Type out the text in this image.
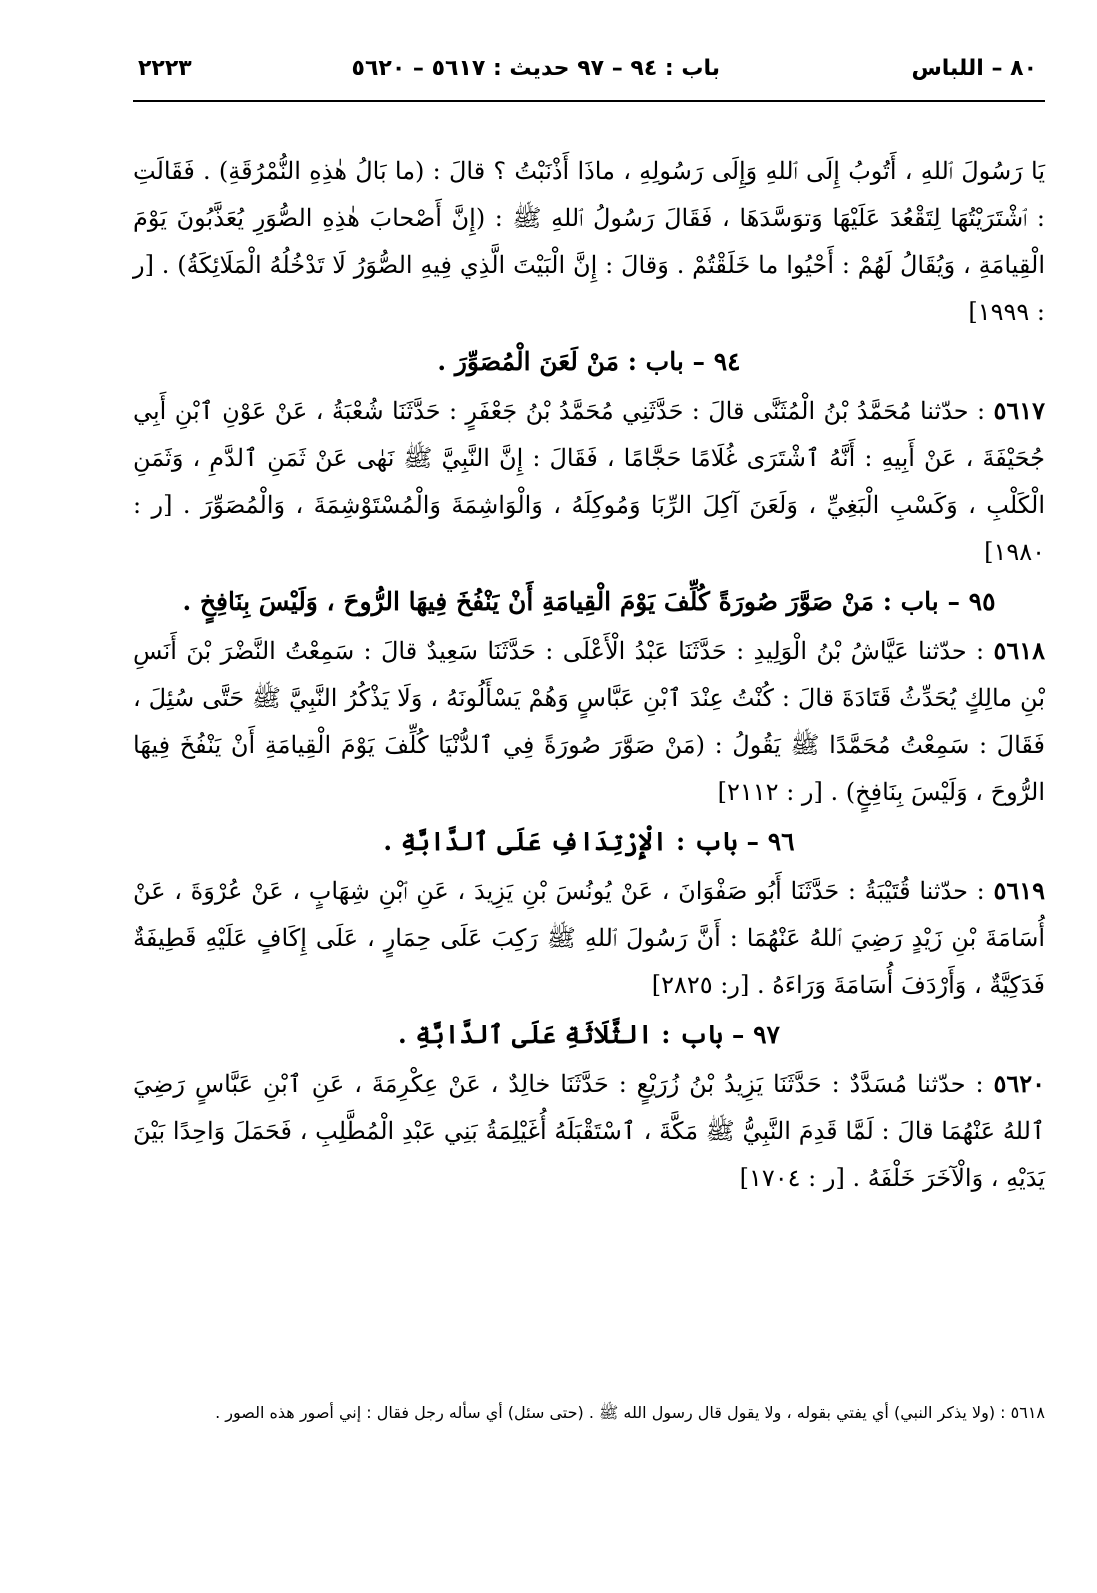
٨٠ – اللباس
باب : ٩٤ – ٩٧ حديث : ٥٦١٧ – ٥٦٢٠
٢٢٢٣

يَا رَسُولَ ٱللهِ ، أَتُوبُ إِلَى ٱللهِ وَإِلَى رَسُولِهِ ، ماذَا أَذْنَبْتُ ؟ قالَ : (ما بَالُ هٰذِهِ النُّمْرُقَةِ) . فَقَالَتِ : ٱشْتَرَيْتُهَا لِتَقْعُدَ عَلَيْهَا وَتوَسَّدَهَا ، فَقَالَ رَسُولُ ٱللهِ ﷺ : (إِنَّ أَصْحابَ هٰذِهِ الصُّوَرِ يُعَذَّبُونَ يَوْمَ الْقِيامَةِ ، وَيُقَالُ لَهُمْ : أَحْيُوا ما خَلَقْتُمْ . وَقالَ : إِنَّ الْبَيْتَ الَّذِي فِيهِ الصُّوَرُ لَا تَدْخُلُهُ الْمَلَائِكَةُ) . [ر : ١٩٩٩]

٩٤ – باب : مَنْ لَعَنَ الْمُصَوِّرَ .

٥٦١٧ : حدّثنا مُحَمَّدُ بْنُ الْمُثَنَّى قالَ : حَدَّثَنِي مُحَمَّدُ بْنُ جَعْفَرٍ : حَدَّثَنَا شُعْبَةُ ، عَنْ عَوْنِ ٱبْنِ أَبِي جُحَيْفَةَ ، عَنْ أَبِيهِ : أَنَّهُ ٱشْتَرَى غُلَامًا حَجَّامًا ، فَقَالَ : إِنَّ النَّبِيَّ ﷺ نَهٰى عَنْ ثَمَنِ ٱلدَّمِ ، وَثَمَنِ الْكَلْبِ ، وَكَسْبِ الْبَغِيِّ ، وَلَعَنَ آكِلَ الرِّبَا وَمُوكِلَهُ ، وَالْوَاشِمَةَ وَالْمُسْتَوْشِمَةَ ، وَالْمُصَوِّرَ . [ر : ١٩٨٠]

٩٥ – باب : مَنْ صَوَّرَ صُورَةً كُلِّفَ يَوْمَ الْقِيامَةِ أَنْ يَنْفُخَ فِيهَا الرُّوحَ ، وَلَيْسَ بِنَافِخٍ .

٥٦١٨ : حدّثنا عَيَّاشُ بْنُ الْوَلِيدِ : حَدَّثَنَا عَبْدُ الْأَعْلَى : حَدَّثَنَا سَعِيدٌ قالَ : سَمِعْتُ النَّضْرَ بْنَ أَنَسِ بْنِ مالِكٍ يُحَدِّثُ قَتَادَةَ قالَ : كُنْتُ عِنْدَ ٱبْنِ عَبَّاسٍ وَهُمْ يَسْأَلُونَهُ ، وَلَا يَذْكُرُ النَّبِيَّ ﷺ حَتَّى سُئِلَ ، فَقَالَ : سَمِعْتُ مُحَمَّدًا ﷺ يَقُولُ : (مَنْ صَوَّرَ صُورَةً فِي ٱلدُّنْيَا كُلِّفَ يَوْمَ الْقِيامَةِ أَنْ يَنْفُخَ فِيهَا الرُّوحَ ، وَلَيْسَ بِنَافِخٍ) . [ر : ٢١١٢]

٩٦ – باب : الْإِرْتِدَافِ عَلَى ٱلدَّابَّةِ .

٥٦١٩ : حدّثنا قُتَيْبَةُ : حَدَّثَنَا أَبُو صَفْوَانَ ، عَنْ يُونُسَ بْنِ يَزِيدَ ، عَنِ ٱبْنِ شِهَابٍ ، عَنْ عُرْوَةَ ، عَنْ أُسَامَةَ بْنِ زَيْدٍ رَضِيَ ٱللهُ عَنْهُمَا : أَنَّ رَسُولَ ٱللهِ ﷺ رَكِبَ عَلَى حِمَارٍ ، عَلَى إِكَافٍ عَلَيْهِ قَطِيفَةٌ فَدَكِيَّةٌ ، وَأَرْدَفَ أُسَامَةَ وَرَاءَهُ . [ر: ٢٨٢٥]

٩٧ – باب : الثَّلَاثَةِ عَلَى ٱلدَّابَّةِ .

٥٦٢٠ : حدّثنا مُسَدَّدٌ : حَدَّثَنَا يَزِيدُ بْنُ زُرَيْعٍ : حَدَّثَنَا خالِدٌ ، عَنْ عِكْرِمَةَ ، عَنِ ٱبْنِ عَبَّاسٍ رَضِيَ ٱللهُ عَنْهُمَا قالَ : لَمَّا قَدِمَ النَّبِيُّ ﷺ مَكَّةَ ، ٱسْتَقْبَلَهُ أُغَيْلِمَةُ بَنِي عَبْدِ الْمُطَّلِبِ ، فَحَمَلَ وَاحِدًا بَيْنَ يَدَيْهِ ، وَالْآخَرَ خَلْفَهُ . [ر : ١٧٠٤]

٥٦١٨ : (ولا يذكر النبي) أي يفتي بقوله ، ولا يقول قال رسول الله ﷺ . (حتى سئل) أي سأله رجل فقال : إني أصور هذه الصور .
